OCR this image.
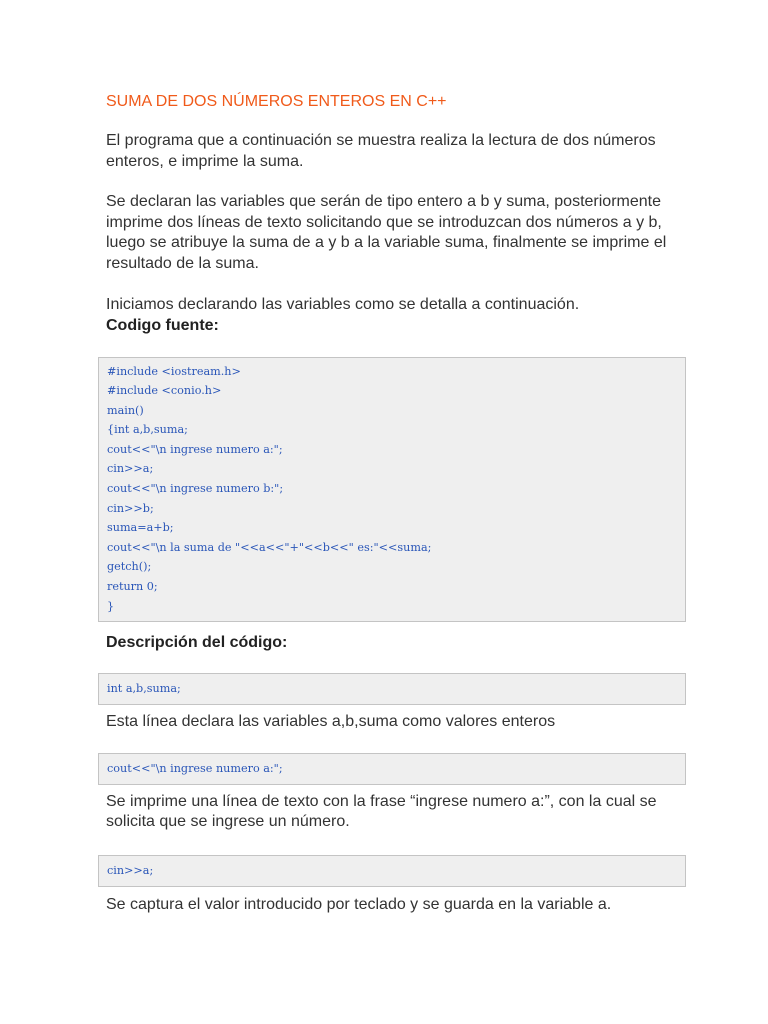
SUMA DE DOS NÚMEROS ENTEROS EN C++

El programa que a continuación se muestra realiza la lectura de dos números enteros, e imprime la suma.

Se declaran las variables que serán de tipo entero a b y suma, posteriormente imprime dos líneas de texto solicitando que se introduzcan dos números a y b, luego se atribuye la suma de a y b a la variable suma, finalmente se imprime el resultado de la suma.

Iniciamos declarando las variables como se detalla a continuación.

Codigo fuente:

#include <iostream.h>
#include <conio.h>
main()
{int a,b,suma;
cout<<"\n ingrese numero a:";
cin>>a;
cout<<"\n ingrese numero b:";
cin>>b;
suma=a+b;
cout<<"\n la suma de "<<a<<"+"<<b<<" es:"<<suma;
getch();
return 0;
}

Descripción del código:

int a,b,suma;

Esta línea declara las variables a,b,suma como valores enteros

cout<<"\n ingrese numero a:";

Se imprime una línea de texto con la frase “ingrese numero a:”, con la cual se solicita que se ingrese un número.

cin>>a;

Se captura el valor introducido por teclado y se guarda en la variable a.
